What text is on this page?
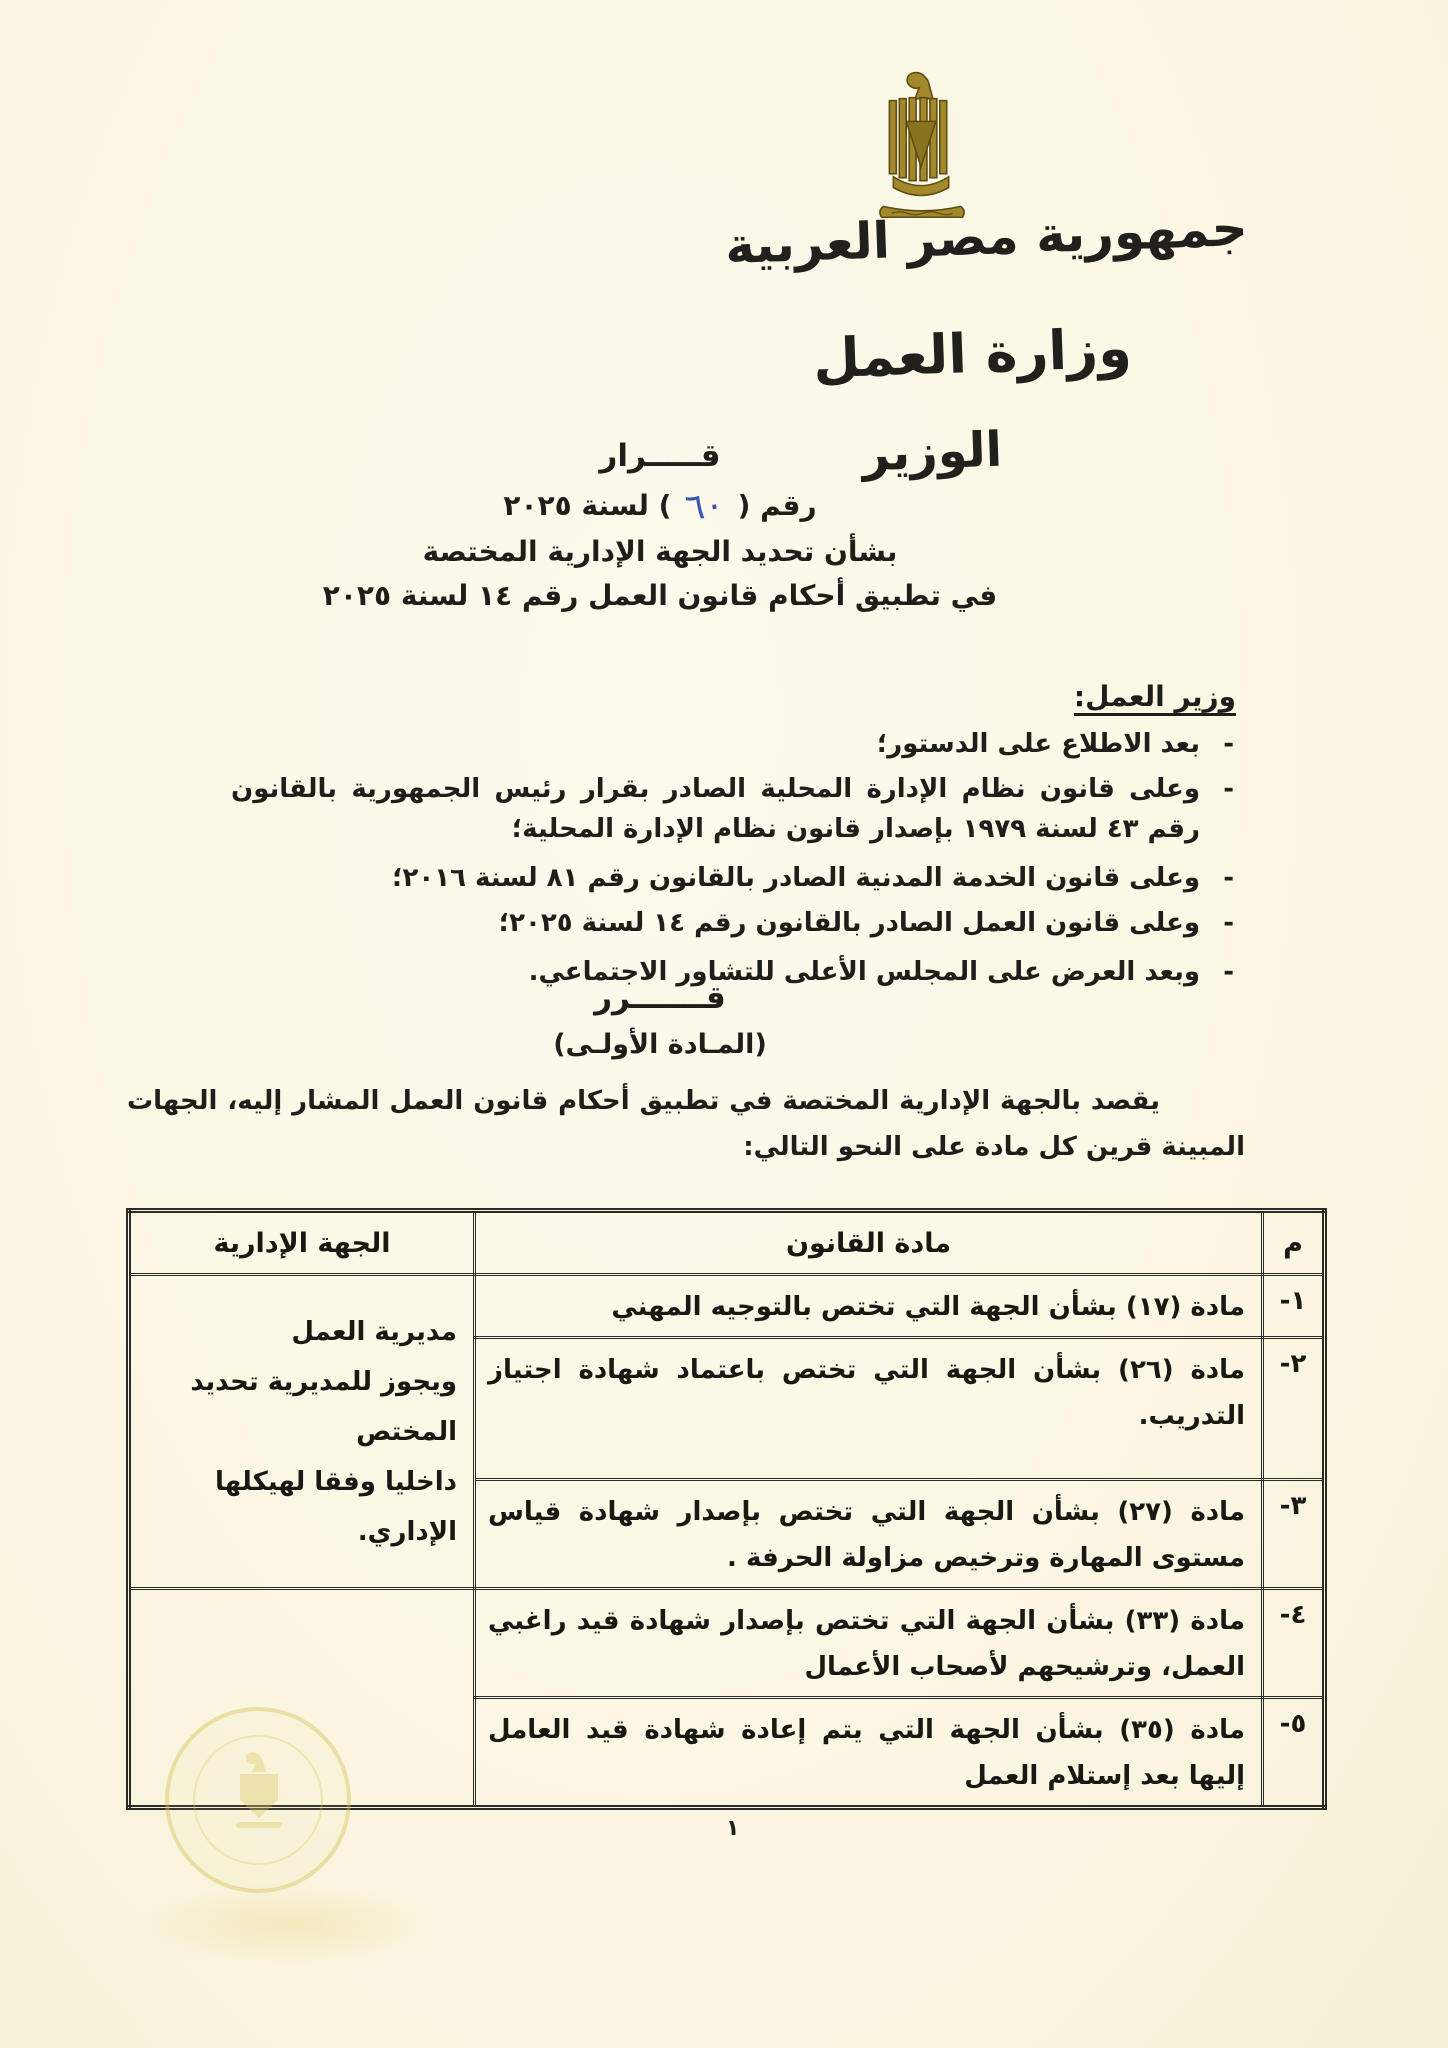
جمهورية مصر العربية
وزارة العمل
الوزير
قـــــرار
رقم ( ٦٠ ) لسنة ٢٠٢٥
بشأن تحديد الجهة الإدارية المختصة
في تطبيق أحكام قانون العمل رقم ١٤ لسنة ٢٠٢٥
وزير العمل:
- بعد الاطلاع على الدستور؛
- وعلى قانون نظام الإدارة المحلية الصادر بقرار رئيس الجمهورية بالقانون رقم ٤٣ لسنة ١٩٧٩ بإصدار قانون نظام الإدارة المحلية؛
- وعلى قانون الخدمة المدنية الصادر بالقانون رقم ٨١ لسنة ٢٠١٦؛
- وعلى قانون العمل الصادر بالقانون رقم ١٤ لسنة ٢٠٢٥؛
- وبعد العرض على المجلس الأعلى للتشاور الاجتماعي.
قـــــــرر
(المـادة الأولـى)
يقصد بالجهة الإدارية المختصة في تطبيق أحكام قانون العمل المشار إليه، الجهات المبينة قرين كل مادة على النحو التالي:
م	مادة القانون	الجهة الإدارية
١-	مادة (١٧) بشأن الجهة التي تختص بالتوجيه المهني	مديرية العمل
ويجوز للمديرية تحديد المختص
داخليا وفقا لهيكلها الإداري.

٢-	مادة (٢٦) بشأن الجهة التي تختص باعتماد شهادة اجتياز التدريب.	
٣-	مادة (٢٧) بشأن الجهة التي تختص بإصدار شهادة قياس مستوى المهارة وترخيص مزاولة الحرفة .	
٤-	مادة (٣٣) بشأن الجهة التي تختص بإصدار شهادة قيد راغبي العمل، وترشيحهم لأصحاب الأعمال	
٥-	مادة (٣٥) بشأن الجهة التي يتم إعادة شهادة قيد العامل إليها بعد إستلام العمل	
١
